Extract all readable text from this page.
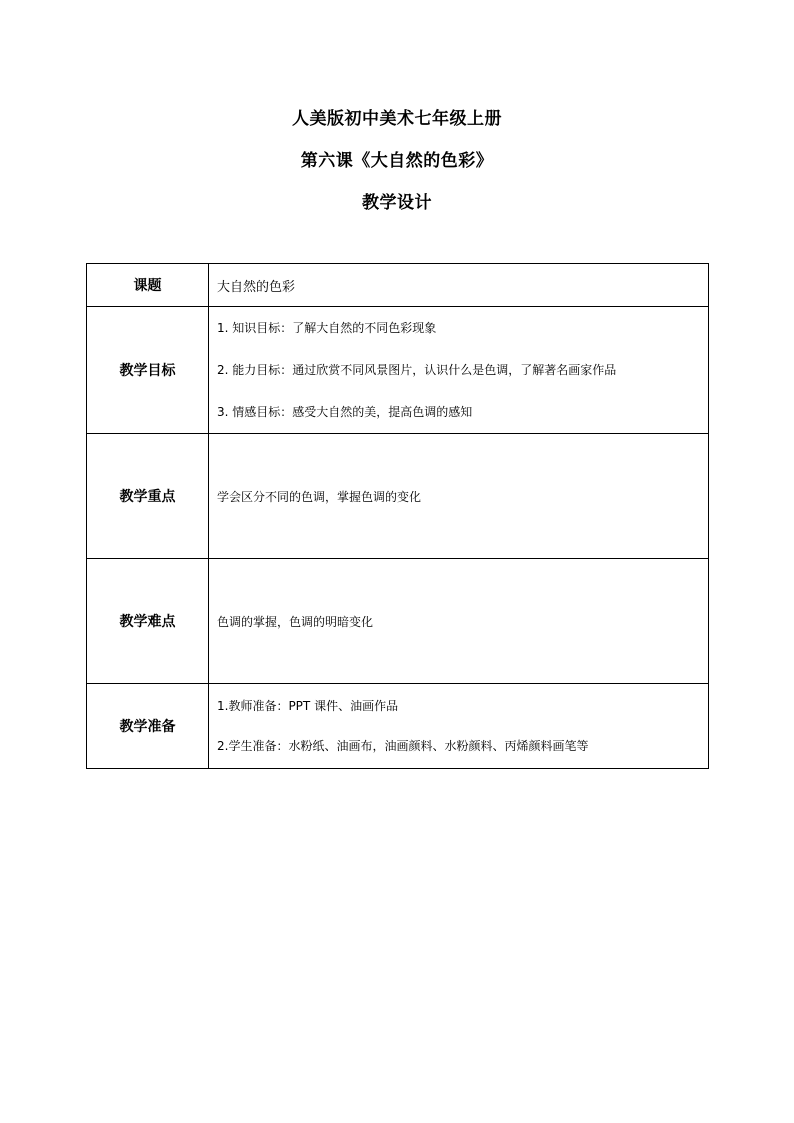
人美版初中美术七年级上册
第六课《大自然的色彩》
教学设计
课题	大自然的色彩
教学目标	1. 知识目标：了解大自然的不同色彩现象
2. 能力目标：通过欣赏不同风景图片，认识什么是色调，了解著名画家作品
3. 情感目标：感受大自然的美，提高色调的感知

教学重点	学会区分不同的色调，掌握色调的变化
教学难点	色调的掌握，色调的明暗变化
教学准备	1.教师准备：PPT 课件、油画作品
2.学生准备：水粉纸、油画布，油画颜料、水粉颜料、丙烯颜料画笔等
